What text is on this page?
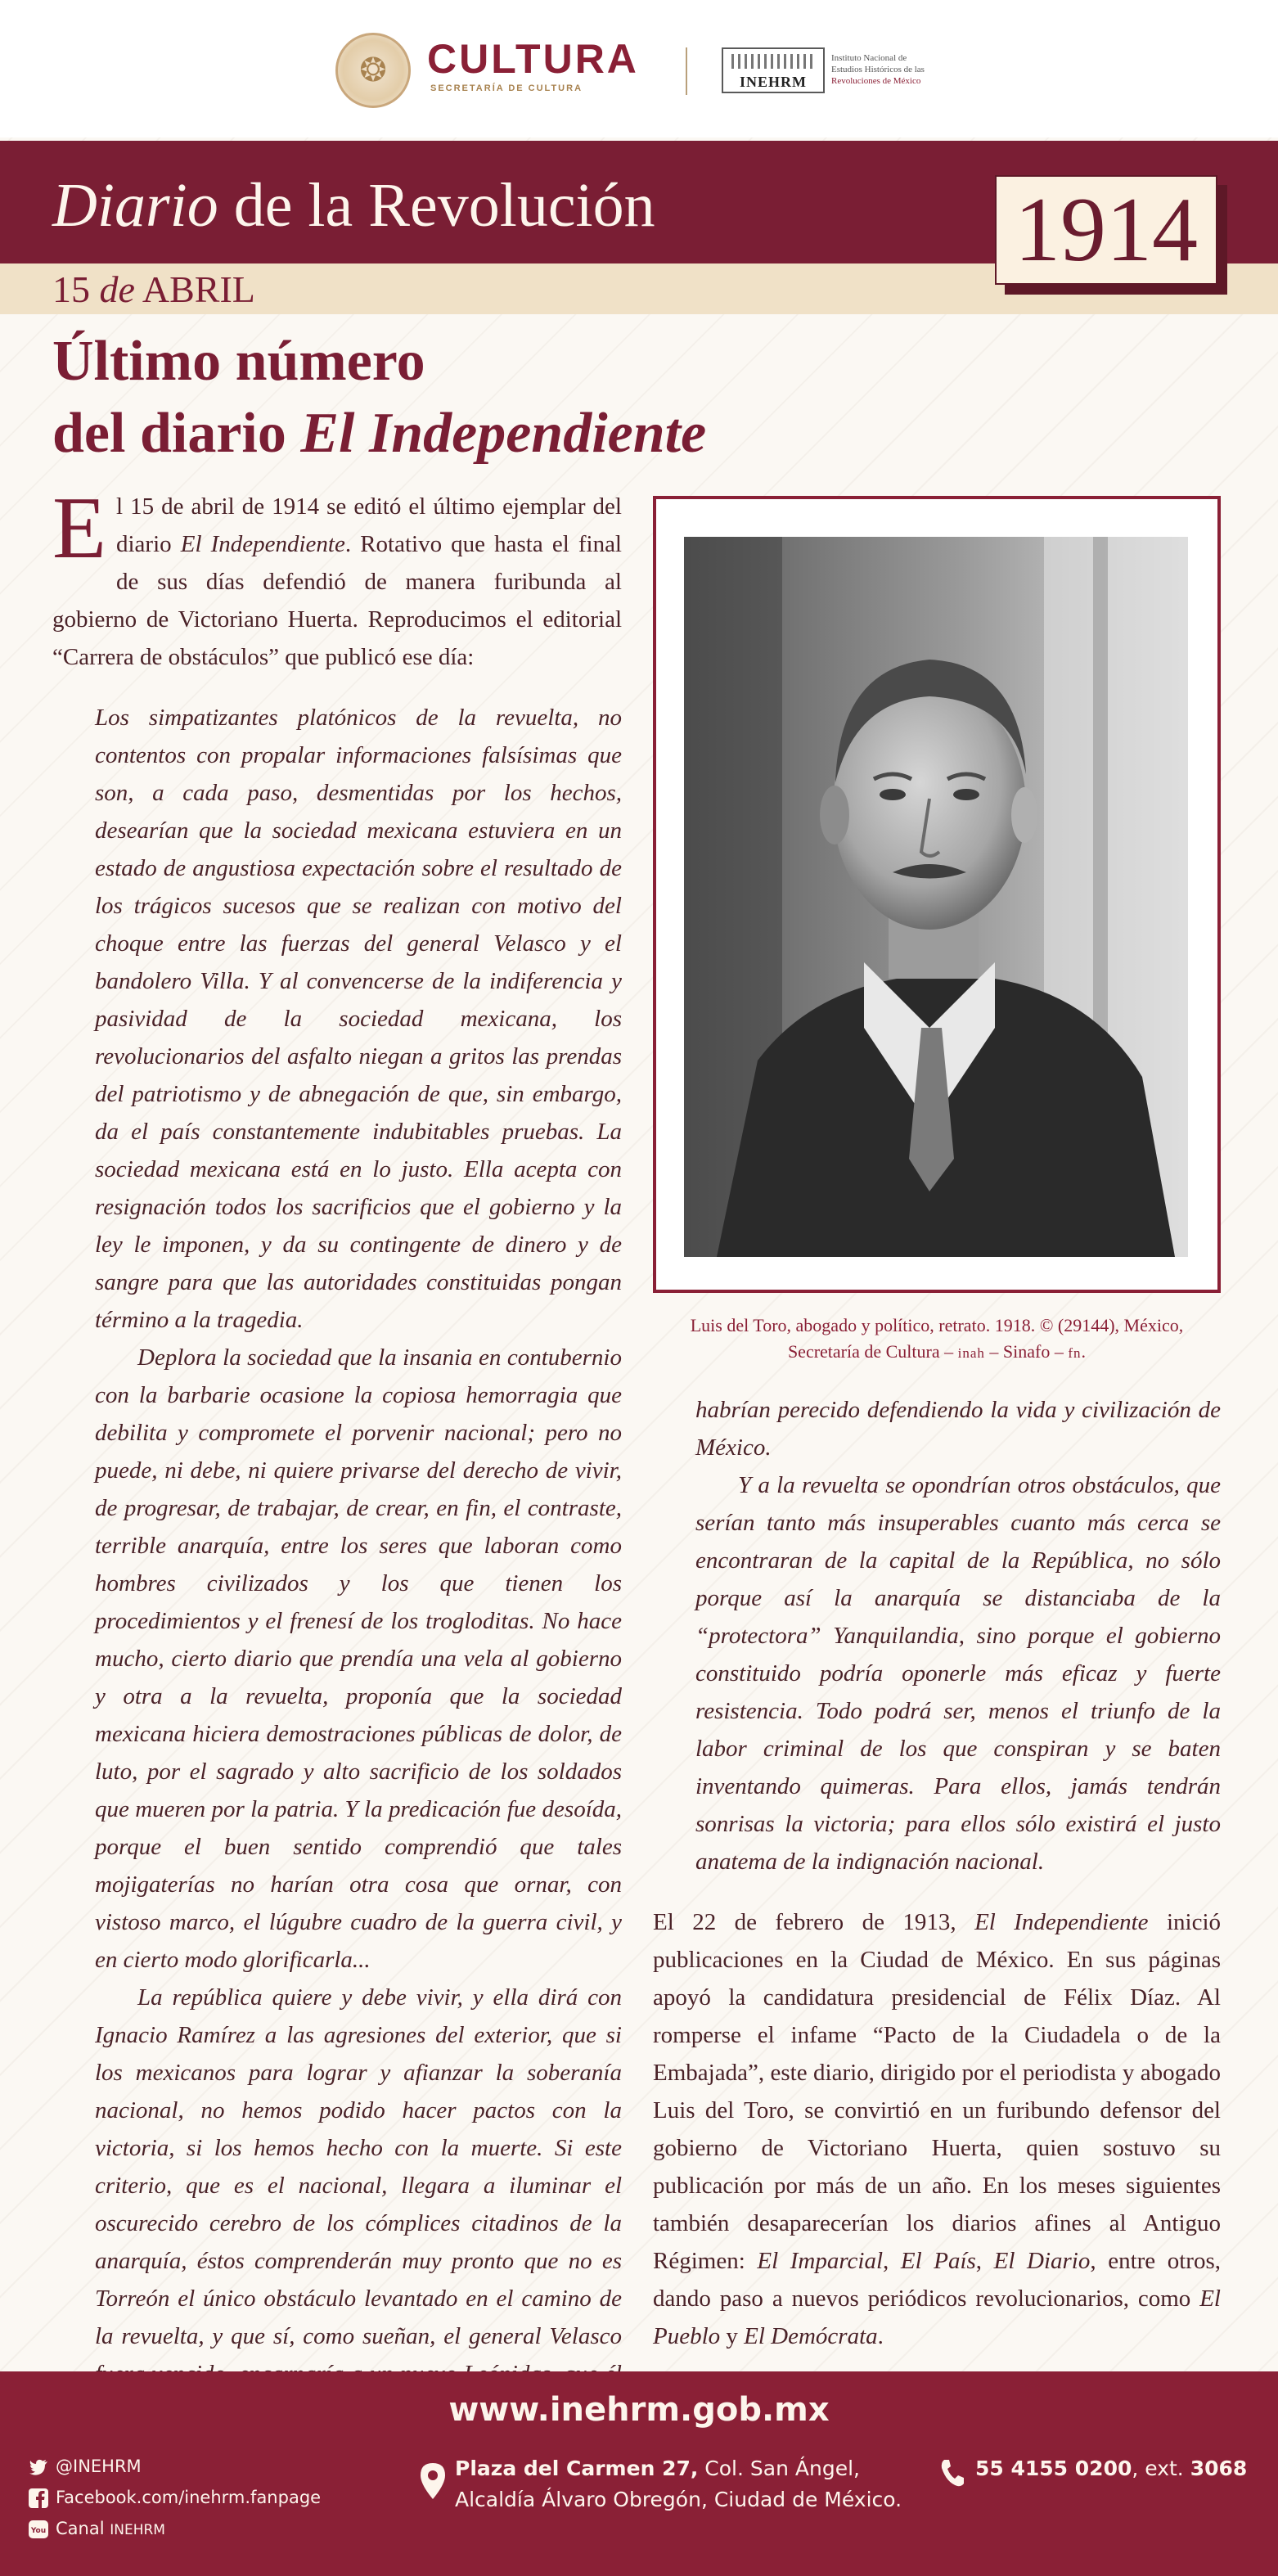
❂ CULTURA
SECRETARÍA DE CULTURA	INEHRM
Instituto Nacional de
Estudios Históricos de las
Revoluciones de México
Diario de la Revolución
15 de ABRIL
1914
Último número
del diario El Independiente
El 15 de abril de 1914 se editó el último ejemplar del diario El Independiente. Rotativo que hasta el final de sus días defendió de manera furibunda al gobierno de Victoriano Huerta. Reproducimos el editorial “Carrera de obstáculos” que publicó ese día:

Los simpatizantes platónicos de la revuelta, no contentos con propalar informaciones falsísimas que son, a cada paso, desmentidas por los hechos, desearían que la sociedad mexicana estuviera en un estado de angustiosa expectación sobre el resultado de los trágicos sucesos que se realizan con motivo del choque entre las fuerzas del general Velasco y el bandolero Villa. Y al convencerse de la indiferencia y pasividad de la sociedad mexicana, los revolucionarios del asfalto niegan a gritos las prendas del patriotismo y de abnegación de que, sin embargo, da el país constantemente indubitables pruebas. La sociedad mexicana está en lo justo. Ella acepta con resignación todos los sacrificios que el gobierno y la ley le imponen, y da su contingente de dinero y de sangre para que las autoridades constituidas pongan término a la tragedia.

Deplora la sociedad que la insania en contubernio con la barbarie ocasione la copiosa hemorragia que debilita y compromete el porvenir nacional; pero no puede, ni debe, ni quiere privarse del derecho de vivir, de progresar, de trabajar, de crear, en fin, el contraste, terrible anarquía, entre los seres que laboran como hombres civilizados y los que tienen los procedimientos y el frenesí de los trogloditas. No hace mucho, cierto diario que prendía una vela al gobierno y otra a la revuelta, proponía que la sociedad mexicana hiciera demostraciones públicas de dolor, de luto, por el sagrado y alto sacrificio de los soldados que mueren por la patria. Y la predicación fue desoída, porque el buen sentido comprendió que tales mojigaterías no harían otra cosa que ornar, con vistoso marco, el lúgubre cuadro de la guerra civil, y en cierto modo glorificarla...

La república quiere y debe vivir, y ella dirá con Ignacio Ramírez a las agresiones del exterior, que si los mexicanos para lograr y afianzar la soberanía nacional, no hemos podido hacer pactos con la victoria, si los hemos hecho con la muerte. Si este criterio, que es el nacional, llegara a iluminar el oscurecido cerebro de los cómplices citadinos de la anarquía, éstos comprenderán muy pronto que no es Torreón el único obstáculo levantado en el camino de la revuelta, y que sí, como sueñan, el general Velasco

Luis del Toro, abogado y político, retrato. 1918. © (29144), México,
Secretaría de Cultura – inah – Sinafo – fn.

habrían perecido defendiendo la vida y civilización de México.

Y a la revuelta se opondrían otros obstáculos, que serían tanto más insuperables cuanto más cerca se encontraran de la capital de la República, no sólo porque así la anarquía se distanciaba de la “protectora” Yanquilandia, sino porque el gobierno constituido podría oponerle más eficaz y fuerte resistencia. Todo podrá ser, menos el triunfo de la labor criminal de los que conspiran y se baten inventando quimeras. Para ellos, jamás tendrán sonrisas la victoria; para ellos sólo existirá el justo anatema de la indignación nacional.

El 22 de febrero de 1913, El Independiente inició publicaciones en la Ciudad de México. En sus páginas apoyó la candidatura presidencial de Félix Díaz. Al romperse el infame “Pacto de la Ciudadela o de la Embajada”, este diario, dirigido por el periodista y abogado Luis del Toro, se convirtió en un furibundo defensor del gobierno de Victoriano Huerta, quien sostuvo su publicación por más de un año. En los meses siguientes también desaparecerían los diarios afines al Antiguo Régimen: El Imparcial, El País, El Diario, entre otros, dando paso a nuevos periódicos revolucionarios, como El Pueblo y El Demócrata.
www.inehrm.gob.mx
@INEHRM
Facebook.com/inehrm.fanpage
You Canal INEHRM
Plaza del Carmen 27, Col. San Ángel,
Alcaldía Álvaro Obregón, Ciudad de México.
55 4155 0200, ext. 3068
